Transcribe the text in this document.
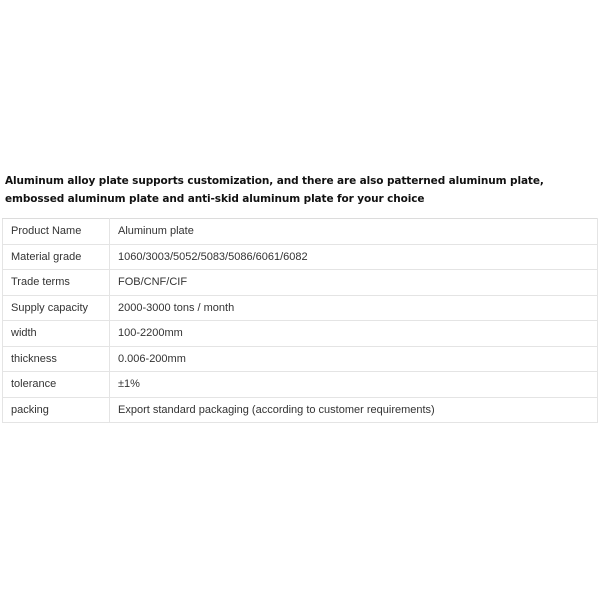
Aluminum alloy plate supports customization, and there are also patterned aluminum plate, embossed aluminum plate and anti-skid aluminum plate for your choice
Product Name	Aluminum plate
Material grade	1060/3003/5052/5083/5086/6061/6082
Trade terms	FOB/CNF/CIF
Supply capacity	2000-3000 tons / month
width	100-2200mm
thickness	0.006-200mm
tolerance	±1%
packing	Export standard packaging (according to customer requirements)
